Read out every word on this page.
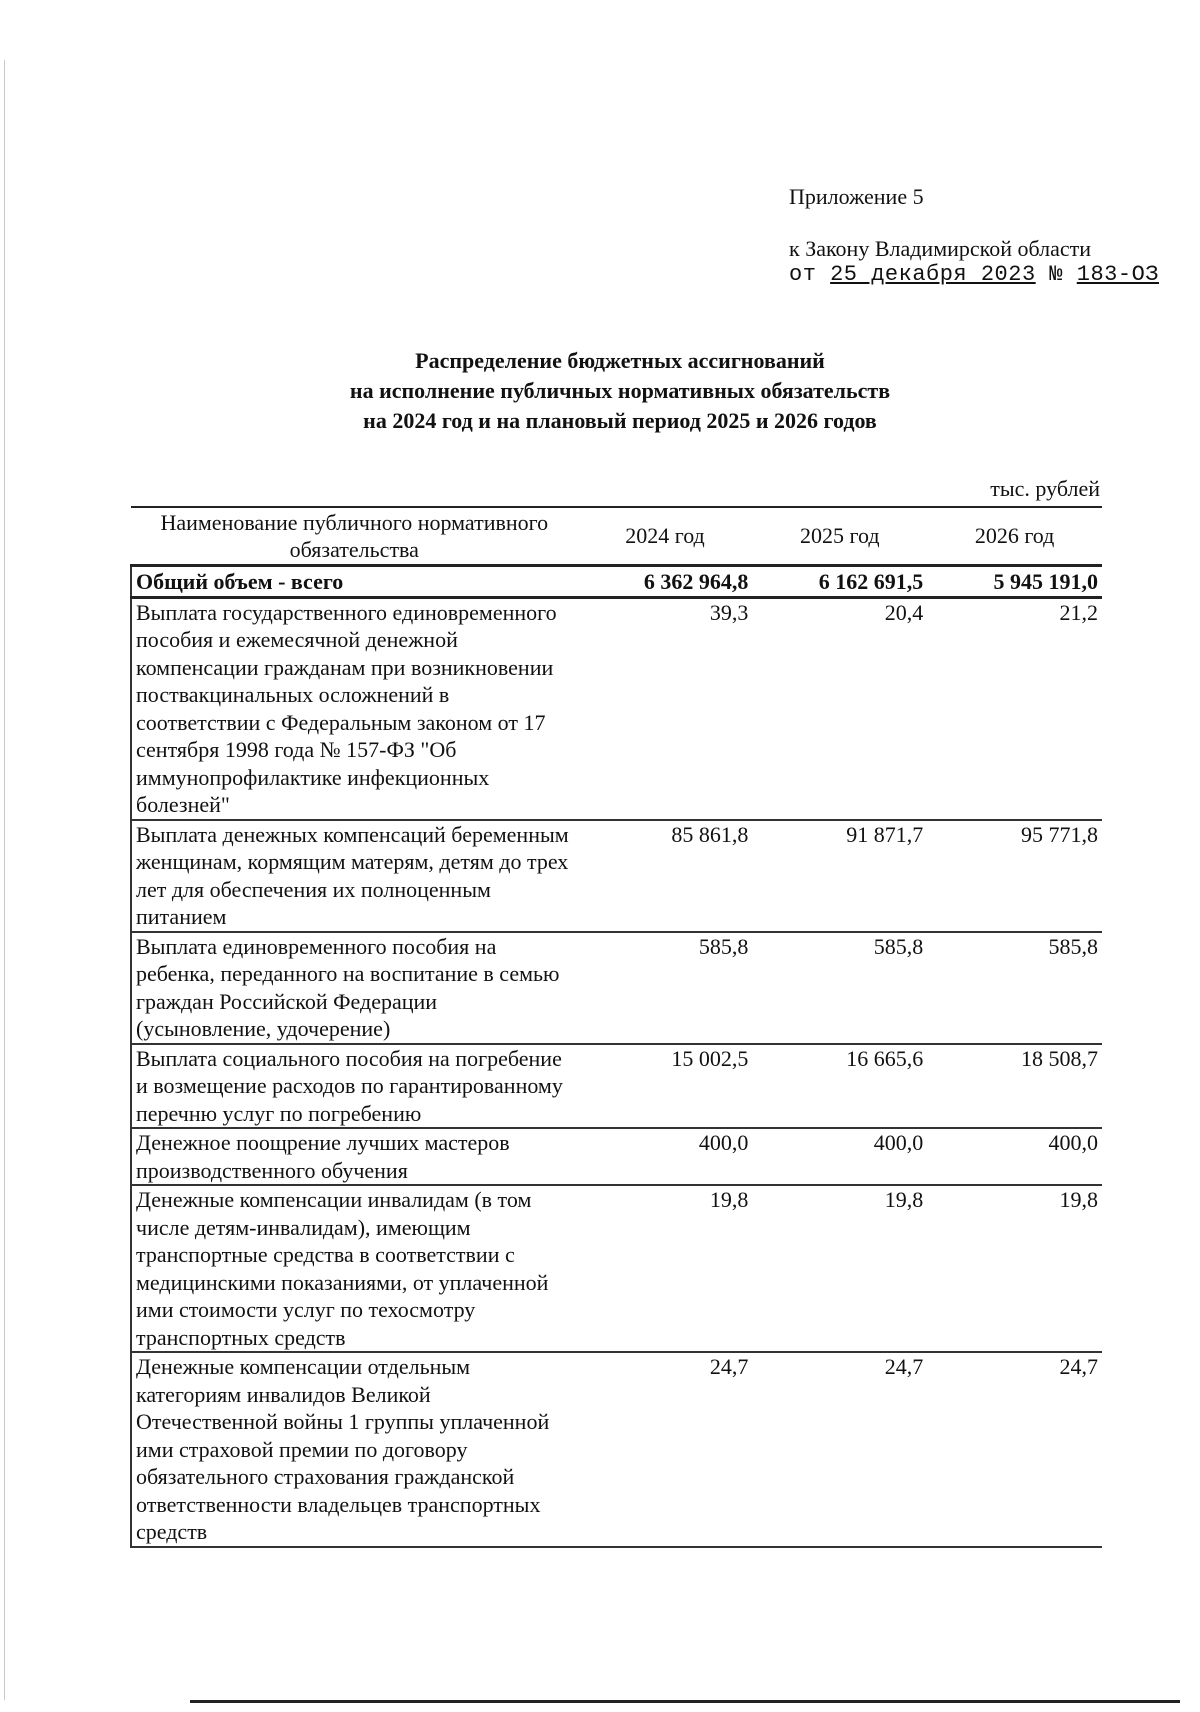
Приложение 5
к Закону Владимирской области
от 25 декабря 2023 № 183-ОЗ
Распределение бюджетных ассигнований
на исполнение публичных нормативных обязательств
на 2024 год и на плановый период 2025 и 2026 годов
тыс. рублей
Наименование публичного нормативного обязательства	2024 год	2025 год	2026 год
Общий объем - всего	6 362 964,8	6 162 691,5	5 945 191,0
Выплата государственного единовременного пособия и ежемесячной денежной компенсации гражданам при возникновении поствакцинальных осложнений в соответствии с Федеральным законом от 17 сентября 1998 года № 157-ФЗ "Об иммунопрофилактике инфекционных болезней"	39,3	20,4	21,2
Выплата денежных компенсаций беременным женщинам, кормящим матерям, детям до трех лет для обеспечения их полноценным питанием	85 861,8	91 871,7	95 771,8
Выплата единовременного пособия на ребенка, переданного на воспитание в семью граждан Российской Федерации (усыновление, удочерение)	585,8	585,8	585,8
Выплата социального пособия на погребение и возмещение расходов по гарантированному перечню услуг по погребению	15 002,5	16 665,6	18 508,7
Денежное поощрение лучших мастеров производственного обучения	400,0	400,0	400,0
Денежные компенсации инвалидам (в том числе детям-инвалидам), имеющим транспортные средства в соответствии с медицинскими показаниями, от уплаченной ими стоимости услуг по техосмотру транспортных средств	19,8	19,8	19,8
Денежные компенсации отдельным категориям инвалидов Великой Отечественной войны 1 группы уплаченной ими страховой премии по договору обязательного страхования гражданской ответственности владельцев транспортных средств	24,7	24,7	24,7
